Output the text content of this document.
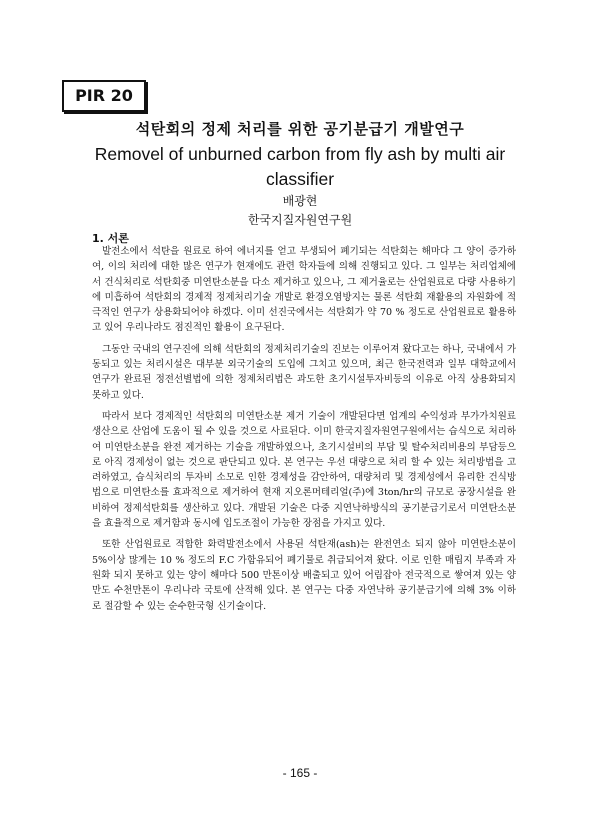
PIR 20
석탄회의 정제 처리를 위한 공기분급기 개발연구
Removel of unburned carbon from fly ash by multi air classifier
배광현
한국지질자원연구원
1. 서론

발전소에서 석탄을 원료로 하여 에너지를 얻고 부생되어 폐기되는 석탄회는 해마다 그 양이 증가하여, 이의 처리에 대한 많은 연구가 현재에도 관련 학자들에 의해 진행되고 있다. 그 일부는 처리업체에서 건식처리로 석탄회중 미연탄소분을 다소 제거하고 있으나, 그 제거율로는 산업원료로 다량 사용하기에 미흡하여 석탄회의 경제적 정제처리기술 개발로 환경오염방지는 물론 석탄회 재활용의 자원화에 적극적인 연구가 상용화되어야 하겠다. 이미 선진국에서는 석탄회가 약 70 % 정도로 산업원료로 활용하고 있어 우리나라도 점진적인 활용이 요구된다.

그동안 국내의 연구진에 의해 석탄회의 정제처리기술의 진보는 이루어져 왔다고는 하나, 국내에서 가동되고 있는 처리시설은 대부분 외국기술의 도입에 그치고 있으며, 최근 한국전력과 일부 대학교에서 연구가 완료된 정전선별법에 의한 정제처리법은 과도한 초기시설투자비등의 이유로 아직 상용화되지 못하고 있다.

따라서 보다 경제적인 석탄회의 미연탄소분 제거 기술이 개발된다면 업계의 수익성과 부가가치원료 생산으로 산업에 도움이 될 수 있을 것으로 사료된다. 이미 한국지질자원연구원에서는 습식으로 처리하여 미연탄소분을 완전 제거하는 기술을 개발하였으나, 초기시설비의 부담 및 탈수처리비용의 부담등으로 아직 경제성이 없는 것으로 판단되고 있다. 본 연구는 우선 대량으로 처리 할 수 있는 처리방법을 고려하였고, 습식처리의 투자비 소모로 인한 경제성을 감안하여, 대량처리 및 경제성에서 유리한 건식방법으로 미연탄소를 효과적으로 제거하여 현재 지오론머테리얼(주)에 3ton/hr의 규모로 공장시설을 완비하여 정제석탄회를 생산하고 있다. 개발된 기술은 다중 지연낙하방식의 공기분급기로서 미연탄소분을 효율적으로 제거함과 동시에 입도조절이 가능한 장점을 가지고 있다.

또한 산업원료로 적합한 화력발전소에서 사용된 석탄재(ash)는 완전연소 되지 않아 미연탄소분이 5%이상 많게는 10 % 정도의 F.C 가함유되어 폐기물로 취급되어져 왔다. 이로 인한 매립지 부족과 자원화 되지 못하고 있는 양이 해마다 500 만톤이상 배출되고 있어 어림잡아 전국적으로 쌓여져 있는 양만도 수천만톤이 우리나라 국토에 산적해 있다. 본 연구는 다중 자연낙하 공기분급기에 의해 3% 이하로 절감할 수 있는 순수한국형 신기술이다.

- 165 -
